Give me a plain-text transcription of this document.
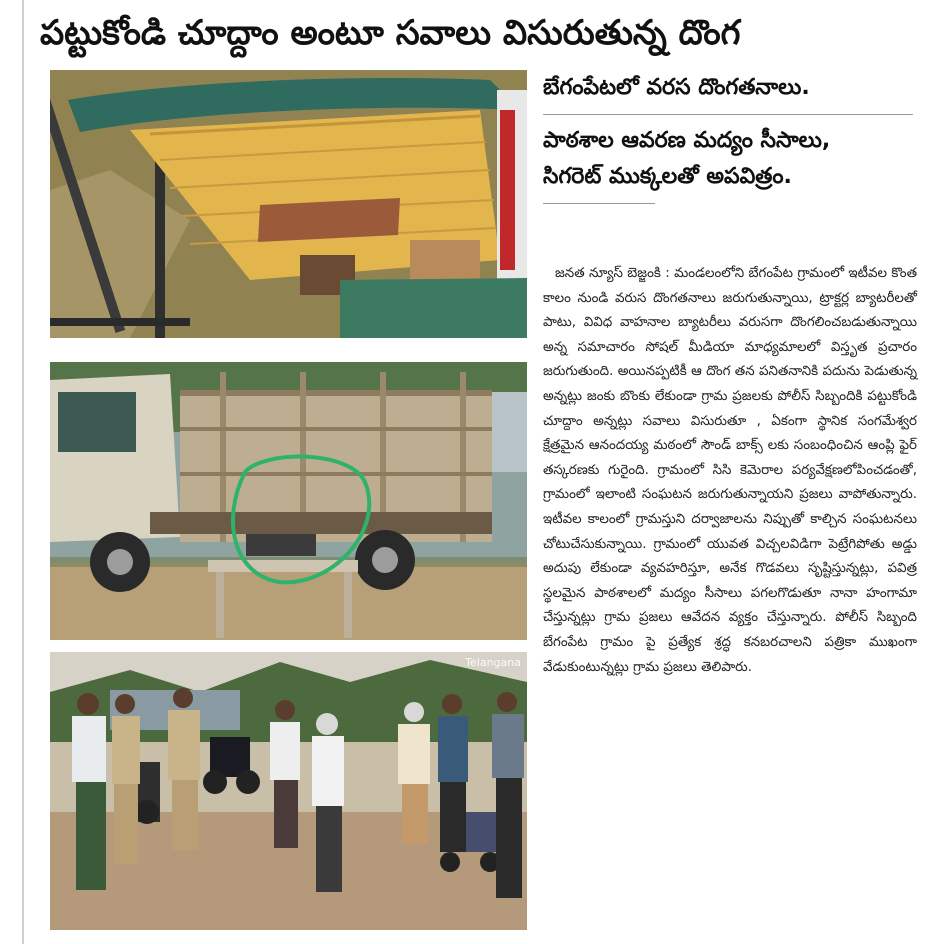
పట్టుకోండి చూద్దాం అంటూ సవాలు విసురుతున్న దొంగ
Telangana

బేగంపేటలో వరస దొంగతనాలు.

పాఠశాల ఆవరణ మద్యం సీసాలు, సిగరెట్ ముక్కలతో అపవిత్రం.

జనత న్యూస్ బెజ్జంకి : మండలంలోని బేగంపేట గ్రామంలో ఇటీవల కొంత కాలం నుండి వరుస దొంగతనాలు జరుగుతున్నాయి, ట్రాక్టర్ల బ్యాటరీలతో పాటు, వివిధ వాహనాల బ్యాటరీలు వరుసగా దొంగలించబడుతున్నాయి అన్న సమాచారం సోషల్ మీడియా మాధ్యమాలలో విస్తృత ప్రచారం జరుగుతుంది. అయినప్పటికీ ఆ దొంగ తన పనితనానికి పదును పెడుతున్న అన్నట్లు జంకు బొంకు లేకుండా గ్రామ ప్రజలకు పోలీస్ సిబ్బందికి పట్టుకోండి చూద్దాం అన్నట్లు సవాలు విసురుతూ , ఏకంగా స్థానిక సంగమేశ్వర క్షేత్రమైన ఆనందయ్య మఠంలో సౌండ్ బాక్స్ లకు సంబంధించిన ఆంప్లి ఫైర్ తస్కరణకు గురైంది. గ్రామంలో సిసి కెమెరాల పర్యవేక్షణలోపించడంతో, గ్రామంలో ఇలాంటి సంఘటన జరుగుతున్నాయని ప్రజలు వాపోతున్నారు. ఇటీవల కాలంలో గ్రామస్తుని దర్వాజాలను నిప్పుతో కాల్చిన సంఘటనలు చోటుచేసుకున్నాయి. గ్రామంలో యువత విచ్చలవిడిగా పెట్రేగిపోతు అడ్డు అదుపు లేకుండా వ్యవహరిస్తూ, అనేక గొడవలు సృష్టిస్తున్నట్లు, పవిత్ర స్థలమైన పాఠశాలలో మద్యం సీసాలు పగలగొడుతూ నానా హంగామా చేస్తున్నట్లు గ్రామ ప్రజలు ఆవేదన వ్యక్తం చేస్తున్నారు. పోలీస్ సిబ్బంది బేగంపేట గ్రామం పై ప్రత్యేక శ్రద్ధ కనబరచాలని పత్రికా ముఖంగా వేడుకుంటున్నట్లు గ్రామ ప్రజలు తెలిపారు.
